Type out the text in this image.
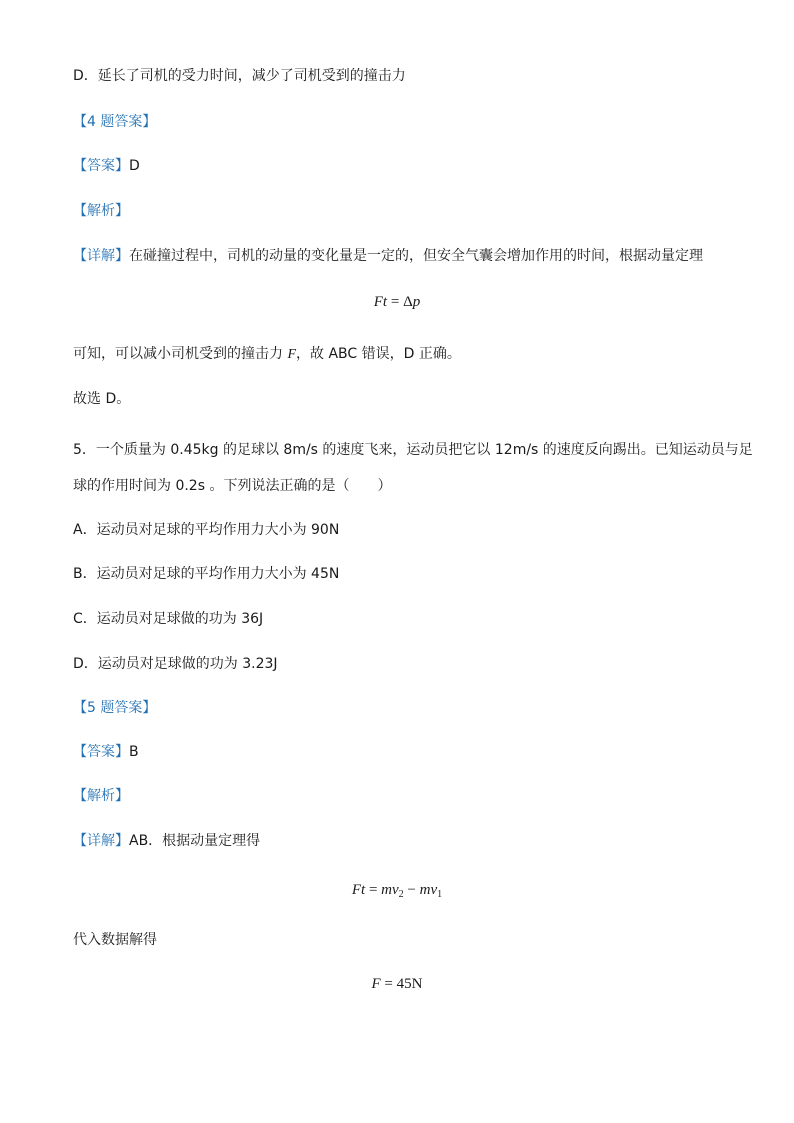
D．延长了司机的受力时间，减少了司机受到的撞击力
【4 题答案】
【答案】D
【解析】
【详解】在碰撞过程中，司机的动量的变化量是一定的，但安全气囊会增加作用的时间，根据动量定理
Ft = Δp
可知，可以减小司机受到的撞击力 F，故 ABC 错误，D 正确。
故选 D。
5．一个质量为 0.45kg 的足球以 8m/s 的速度飞来，运动员把它以 12m/s 的速度反向踢出。已知运动员与足
球的作用时间为 0.2s 。下列说法正确的是（　　）
A．运动员对足球的平均作用力大小为 90N
B．运动员对足球的平均作用力大小为 45N
C．运动员对足球做的功为 36J
D．运动员对足球做的功为 3.23J
【5 题答案】
【答案】B
【解析】
【详解】AB．根据动量定理得
$Ft = mv_2 - mv_1$
代入数据解得
F = 45N
